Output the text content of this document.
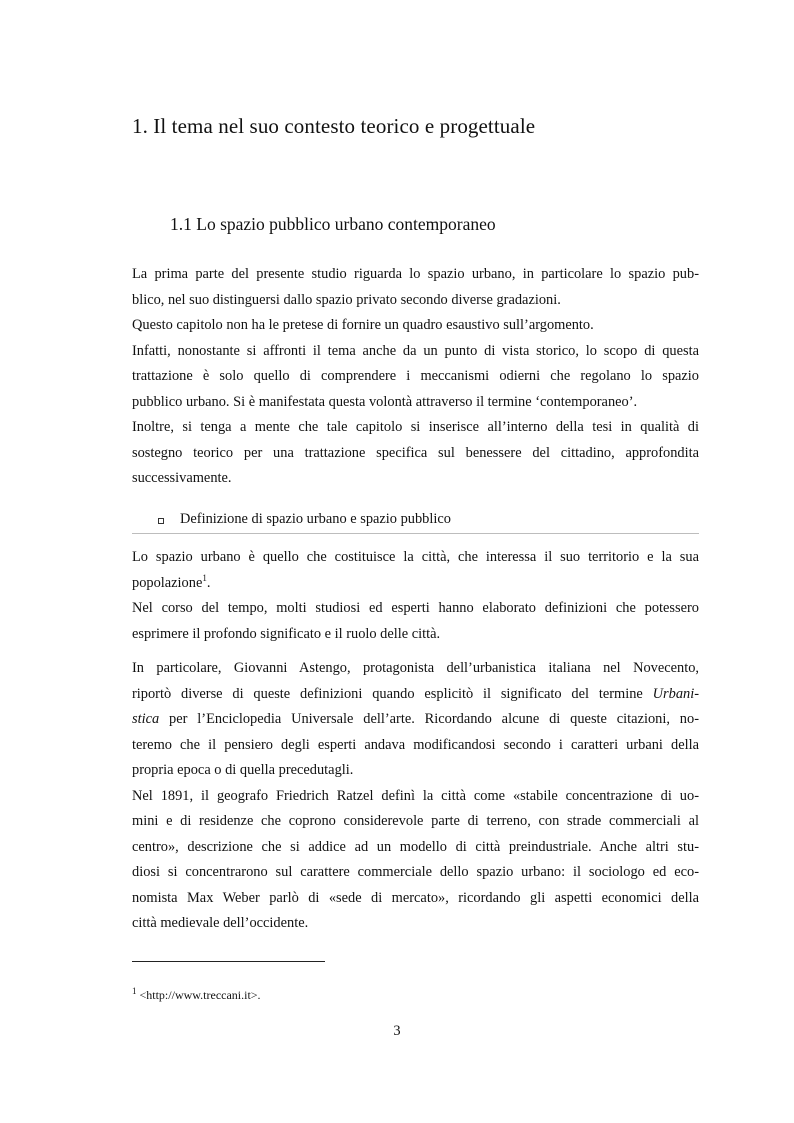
1. Il tema nel suo contesto teorico e progettuale
1.1 Lo spazio pubblico urbano contemporaneo
La prima parte del presente studio riguarda lo spazio urbano, in particolare lo spazio pub-
blico, nel suo distinguersi dallo spazio privato secondo diverse gradazioni.
Questo capitolo non ha le pretese di fornire un quadro esaustivo sull’argomento.
Infatti, nonostante si affronti il tema anche da un punto di vista storico, lo scopo di questa
trattazione è solo quello di comprendere i meccanismi odierni che regolano lo spazio
pubblico urbano. Si è manifestata questa volontà attraverso il termine ‘contemporaneo’.
Inoltre, si tenga a mente che tale capitolo si inserisce all’interno della tesi in qualità di
sostegno teorico per una trattazione specifica sul benessere del cittadino, approfondita
successivamente.
Definizione di spazio urbano e spazio pubblico
Lo spazio urbano è quello che costituisce la città, che interessa il suo territorio e la sua
popolazione$^1$.
Nel corso del tempo, molti studiosi ed esperti hanno elaborato definizioni che potessero
esprimere il profondo significato e il ruolo delle città.
In particolare, Giovanni Astengo, protagonista dell’urbanistica italiana nel Novecento,
riportò diverse di queste definizioni quando esplicitò il significato del termine Urbani-
stica per l’Enciclopedia Universale dell’arte. Ricordando alcune di queste citazioni, no-
teremo che il pensiero degli esperti andava modificandosi secondo i caratteri urbani della
propria epoca o di quella precedutagli.
Nel 1891, il geografo Friedrich Ratzel definì la città come «stabile concentrazione di uo-
mini e di residenze che coprono considerevole parte di terreno, con strade commerciali al
centro», descrizione che si addice ad un modello di città preindustriale. Anche altri stu-
diosi si concentrarono sul carattere commerciale dello spazio urbano: il sociologo ed eco-
nomista Max Weber parlò di «sede di mercato», ricordando gli aspetti economici della
città medievale dell’occidente.
$^1$ <http://www.treccani.it>.
3
